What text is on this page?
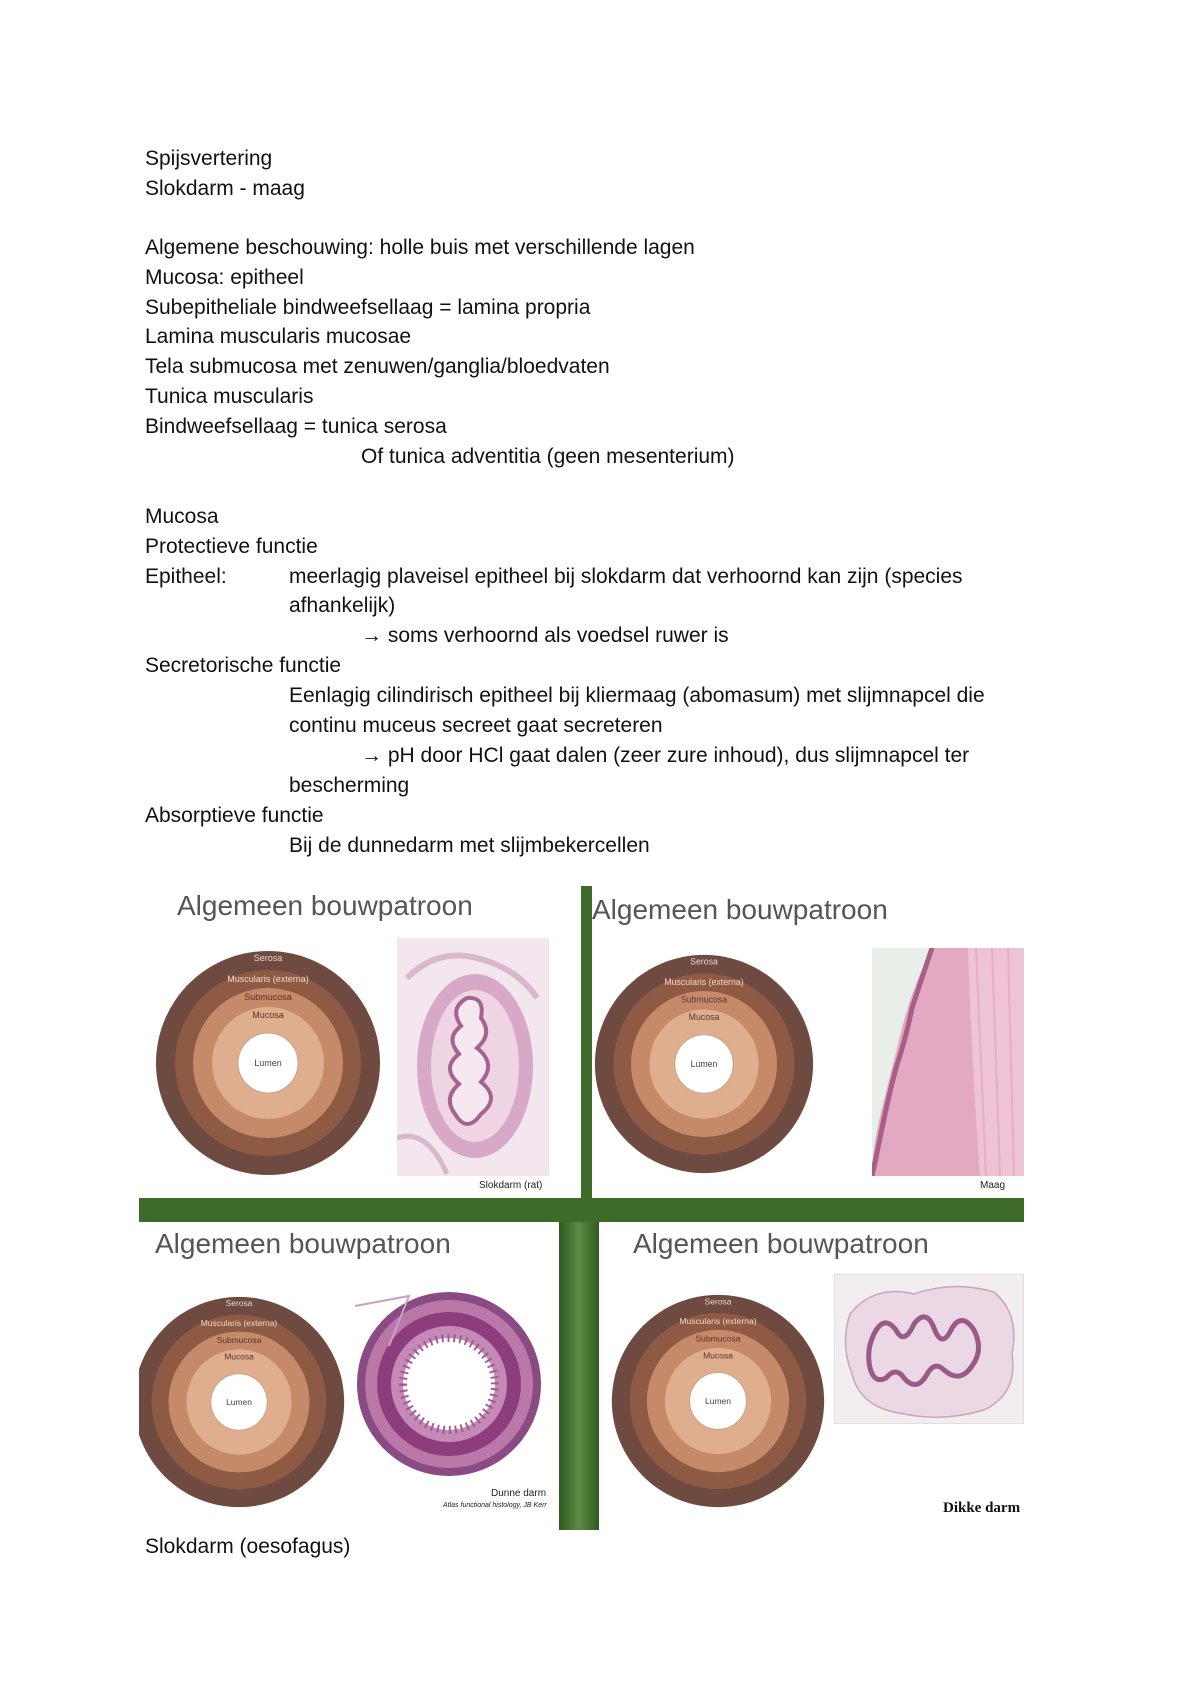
Spijsvertering
Slokdarm - maag
Algemene beschouwing: holle buis met verschillende lagen
Mucosa: epitheel
Subepitheliale bindweefsellaag = lamina propria
Lamina muscularis mucosae
Tela submucosa met zenuwen/ganglia/bloedvaten
Tunica muscularis
Bindweefsellaag = tunica serosa
Of tunica adventitia (geen mesenterium)
Mucosa
Protectieve functie
Epitheel:	meerlagig plaveisel epitheel bij slokdarm dat verhoornd kan zijn (species
afhankelijk)
→ soms verhoornd als voedsel ruwer is
Secretorische functie
Eenlagig cilindirisch epitheel bij kliermaag (abomasum) met slijmnapcel die
continu muceus secreet gaat secreteren
→ pH door HCl gaat dalen (zeer zure inhoud), dus slijmnapcel ter
bescherming
Absorptieve functie
Bij de dunnedarm met slijmbekercellen
Algemeen bouwpatroon
Serosa
Muscularis (externa)
Submucosa
Mucosa
Lumen
Slokdarm (rat)
Algemeen bouwpatroon
Serosa
Muscularis (externa)
Submucosa
Mucosa
Lumen
Maag
Algemeen bouwpatroon
Serosa
Muscularis (externa)
Submucosa
Mucosa
Lumen
Dunne darm
Atlas functional histology, JB Kerr
Algemeen bouwpatroon
Serosa
Muscularis (externa)
Submucosa
Mucosa
Lumen
Dikke darm
Slokdarm (oesofagus)
